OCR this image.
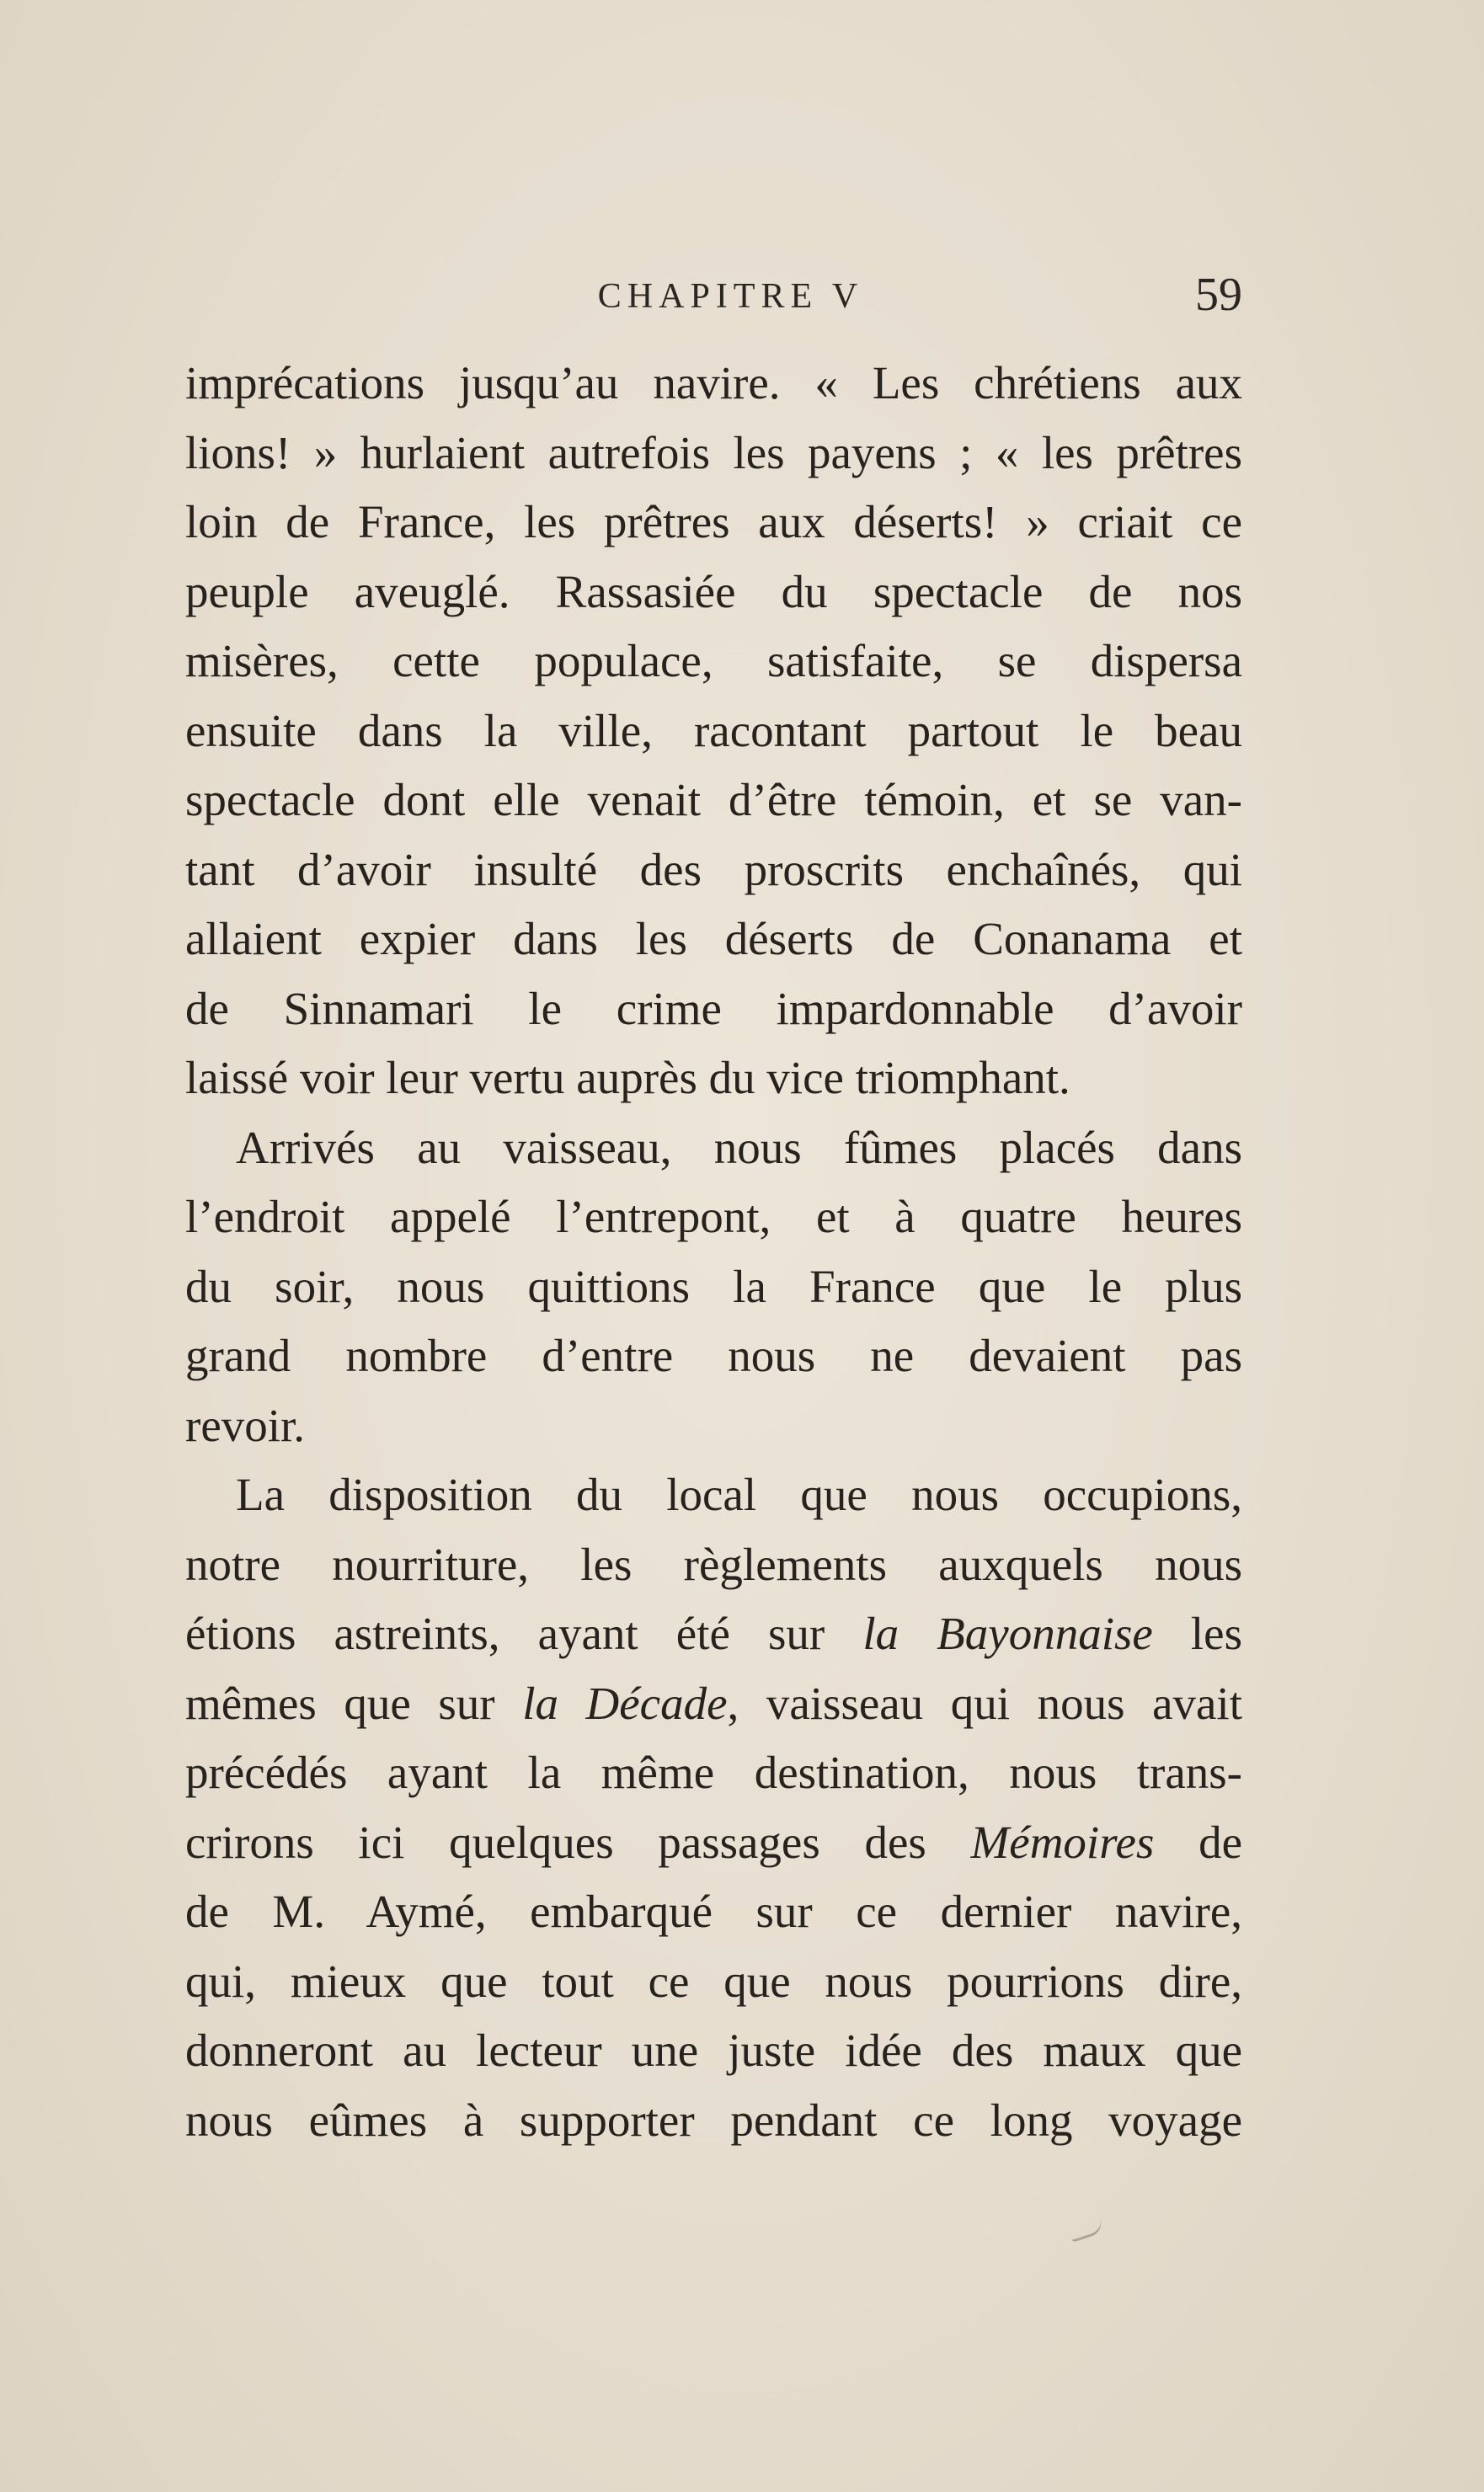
CHAPITRE V	59
imprécations jusqu’au navire. « Les chrétiens aux
lions! » hurlaient autrefois les payens ; « les prêtres
loin de France, les prêtres aux déserts! » criait ce
peuple aveuglé. Rassasiée du spectacle de nos
misères, cette populace, satisfaite, se dispersa
ensuite dans la ville, racontant partout le beau
spectacle dont elle venait d’être témoin, et se van-
tant d’avoir insulté des proscrits enchaînés, qui
allaient expier dans les déserts de Conanama et
de Sinnamari le crime impardonnable d’avoir
laissé voir leur vertu auprès du vice triomphant.
Arrivés au vaisseau, nous fûmes placés dans
l’endroit appelé l’entrepont, et à quatre heures
du soir, nous quittions la France que le plus
grand nombre d’entre nous ne devaient pas
revoir.
La disposition du local que nous occupions,
notre nourriture, les règlements auxquels nous
étions astreints, ayant été sur la Bayonnaise les
mêmes que sur la Décade, vaisseau qui nous avait
précédés ayant la même destination, nous trans-
crirons ici quelques passages des Mémoires de
de M. Aymé, embarqué sur ce dernier navire,
qui, mieux que tout ce que nous pourrions dire,
donneront au lecteur une juste idée des maux que
nous eûmes à supporter pendant ce long voyage
